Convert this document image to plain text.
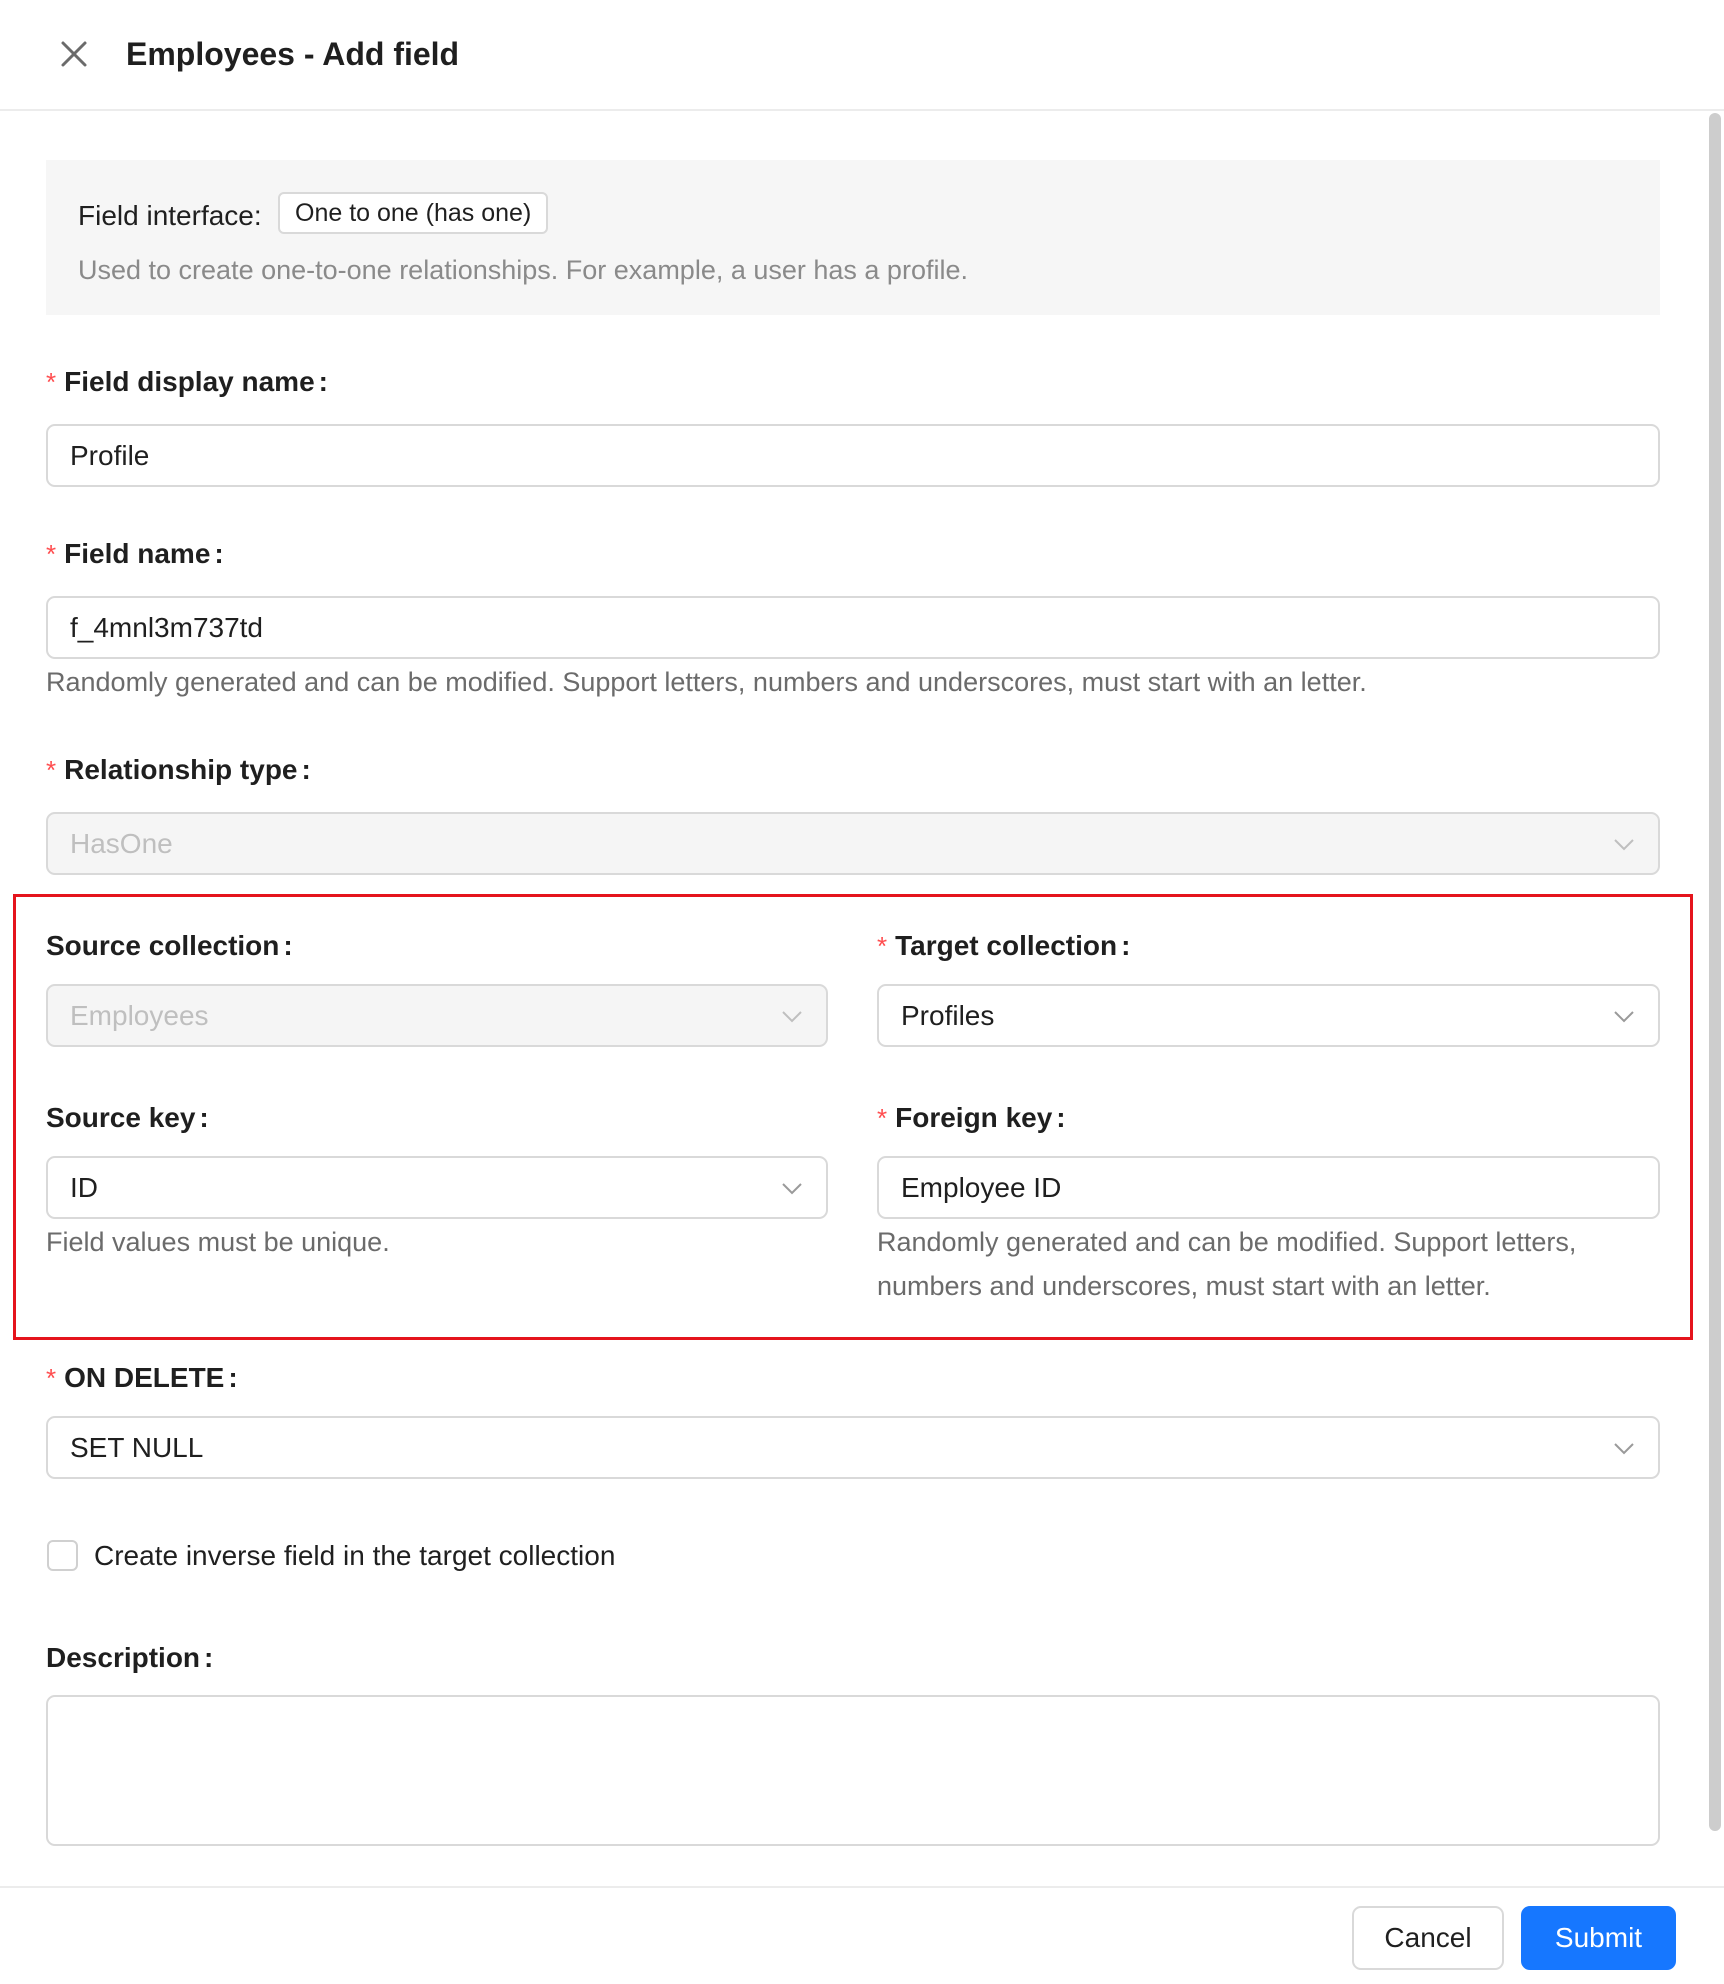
Employees - Add field
Field interface:	One to one (has one)
Used to create one-to-one relationships. For example, a user has a profile.
* Field display name :
Profile
* Field name :
f_4mnl3m737td
Randomly generated and can be modified. Support letters, numbers and underscores, must start with an letter.
* Relationship type :
HasOne
Source collection :
Employees
* Target collection :
Profiles
Source key :
ID
Field values must be unique.
* Foreign key :
Employee ID
Randomly generated and can be modified. Support letters,
numbers and underscores, must start with an letter.
* ON DELETE :
SET NULL
Create inverse field in the target collection
Description :
Cancel	Submit
